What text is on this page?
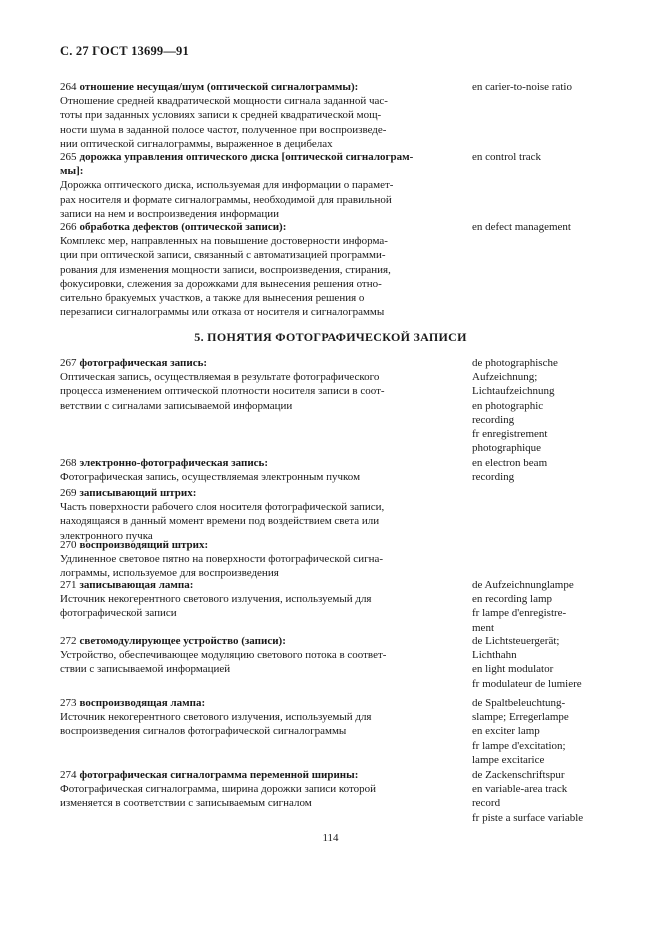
С. 27 ГОСТ 13699—91
264 отношение несущая/шум (оптической сигналограммы):
Отношение средней квадратической мощности сигнала заданной час-
тоты при заданных условиях записи к средней квадратической мощ-
ности шума в заданной полосе частот, полученное при воспроизведе-
нии оптической сигналограммы, выраженное в децибелах
en carier-to-noise ratio
265 дорожка управления оптического диска [оптической сигналограм-
мы]:
Дорожка оптического диска, используемая для информации о парамет-
рах носителя и формате сигналограммы, необходимой для правильной
записи на нем и воспроизведения информации
en control track
266 обработка дефектов (оптической записи):
Комплекс мер, направленных на повышение достоверности информа-
ции при оптической записи, связанный с автоматизацией программи-
рования для изменения мощности записи, воспроизведения, стирания,
фокусировки, слежения за дорожками для вынесения решения отно-
сительно бракуемых участков, а также для вынесения решения о
перезаписи сигналограммы или отказа от носителя и сигналограммы
en defect management
267 фотографическая запись:
Оптическая запись, осуществляемая в результате фотографического
процесса изменением оптической плотности носителя записи в соот-
ветствии с сигналами записываемой информации
de photographische
Aufzeichnung;
Lichtaufzeichnung
en photographic
recording
fr enregistrement
photographique
268 электронно-фотографическая запись:
Фотографическая запись, осуществляемая электронным пучком
en electron beam
recording
269 записывающий штрих:
Часть поверхности рабочего слоя носителя фотографической записи,
находящаяся в данный момент времени под воздействием света или
электронного пучка
270 воспроизводящий штрих:
Удлиненное световое пятно на поверхности фотографической сигна-
лограммы, используемое для воспроизведения
271 записывающая лампа:
Источник некогерентного светового излучения, используемый для
фотографической записи
de Aufzeichnunglampe
en recording lamp
fr lampe d'enregistre-
ment
272 светомодулирующее устройство (записи):
Устройство, обеспечивающее модуляцию светового потока в соответ-
ствии с записываемой информацией
de Lichtsteuergerät;
Lichthahn
en light modulator
fr modulateur de lumiere
273 воспроизводящая лампа:
Источник некогерентного светового излучения, используемый для
воспроизведения сигналов фотографической сигналограммы
de Spaltbeleuchtung-
slampe; Erregerlampe
en exciter lamp
fr lampe d'excitation;
lampe excitarice
274 фотографическая сигналограмма переменной ширины:
Фотографическая сигналограмма, ширина дорожки записи которой
изменяется в соответствии с записываемым сигналом
de Zackenschriftspur
en variable-area track
record
fr piste a surface variable
5. ПОНЯТИЯ ФОТОГРАФИЧЕСКОЙ ЗАПИСИ
114
